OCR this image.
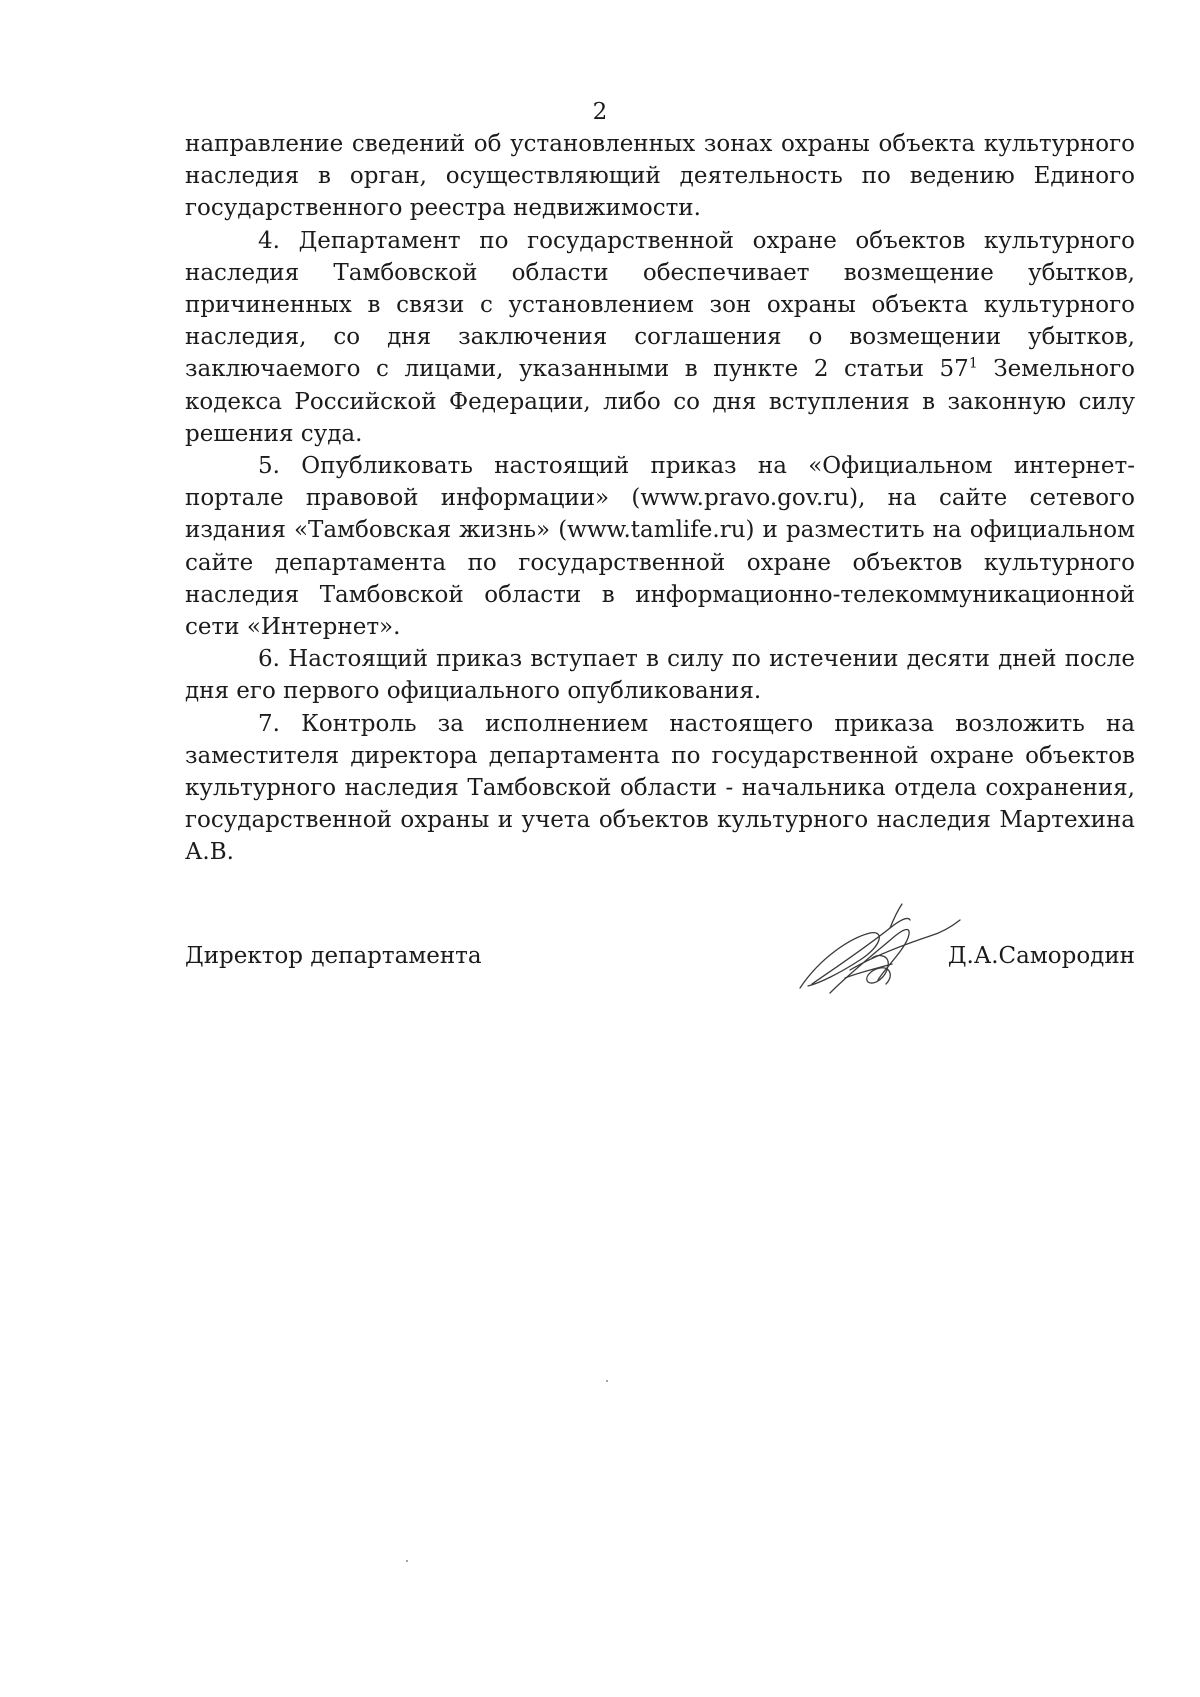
2

направление сведений об установленных зонах охраны объекта культурного наследия в орган, осуществляющий деятельность по ведению Единого государственного реестра недвижимости.

4. Департамент по государственной охране объектов культурного наследия Тамбовской области обеспечивает возмещение убытков, причиненных в связи с установлением зон охраны объекта культурного наследия, со дня заключения соглашения о возмещении убытков, заключаемого с лицами, указанными в пункте 2 статьи $57^1$ Земельного кодекса Российской Федерации, либо со дня вступления в законную силу решения суда.

5. Опубликовать настоящий приказ на «Официальном интернет-портале правовой информации» (www.pravo.gov.ru), на сайте сетевого издания «Тамбовская жизнь» (www.tamlife.ru) и разместить на официальном сайте департамента по государственной охране объектов культурного наследия Тамбовской области в информационно-телекоммуникационной сети «Интернет».

6. Настоящий приказ вступает в силу по истечении десяти дней после дня его первого официального опубликования.

7. Контроль за исполнением настоящего приказа возложить на заместителя директора департамента по государственной охране объектов культурного наследия Тамбовской области - начальника отдела сохранения, государственной охраны и учета объектов культурного наследия Мартехина А.В.

Директор департамента	Д.А.Самородин
